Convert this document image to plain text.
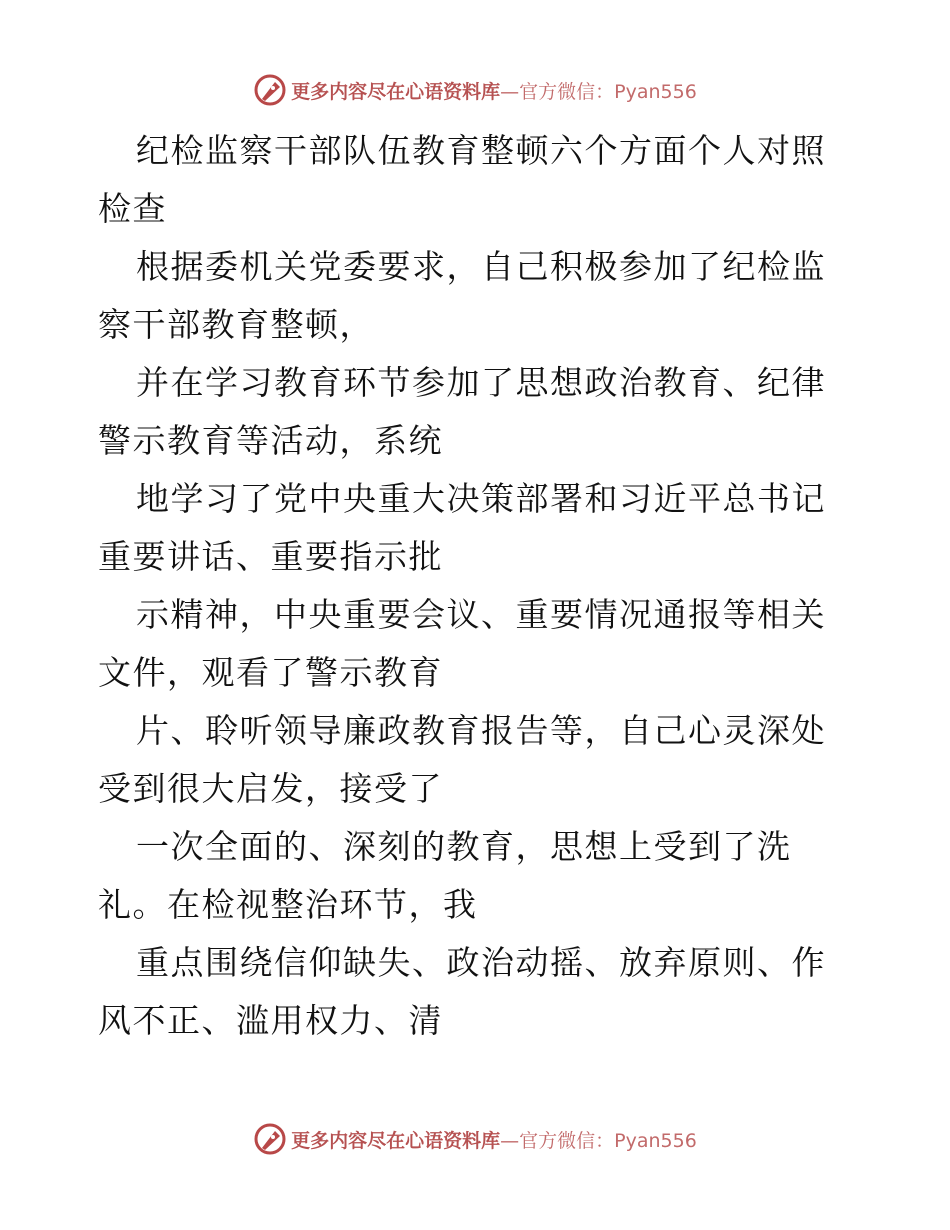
更多内容尽在心语资料库—官方微信：Pyan556

纪检监察干部队伍教育整顿六个方面个人对照检查

根据委机关党委要求，自己积极参加了纪检监察干部教育整顿，

并在学习教育环节参加了思想政治教育、纪律警示教育等活动，系统

地学习了党中央重大决策部署和习近平总书记重要讲话、重要指示批

示精神，中央重要会议、重要情况通报等相关文件，观看了警示教育

片、聆听领导廉政教育报告等，自己心灵深处受到很大启发，接受了

一次全面的、深刻的教育，思想上受到了洗礼。在检视整治环节，我

重点围绕信仰缺失、政治动摇、放弃原则、作风不正、滥用权力、清

更多内容尽在心语资料库—官方微信：Pyan556
